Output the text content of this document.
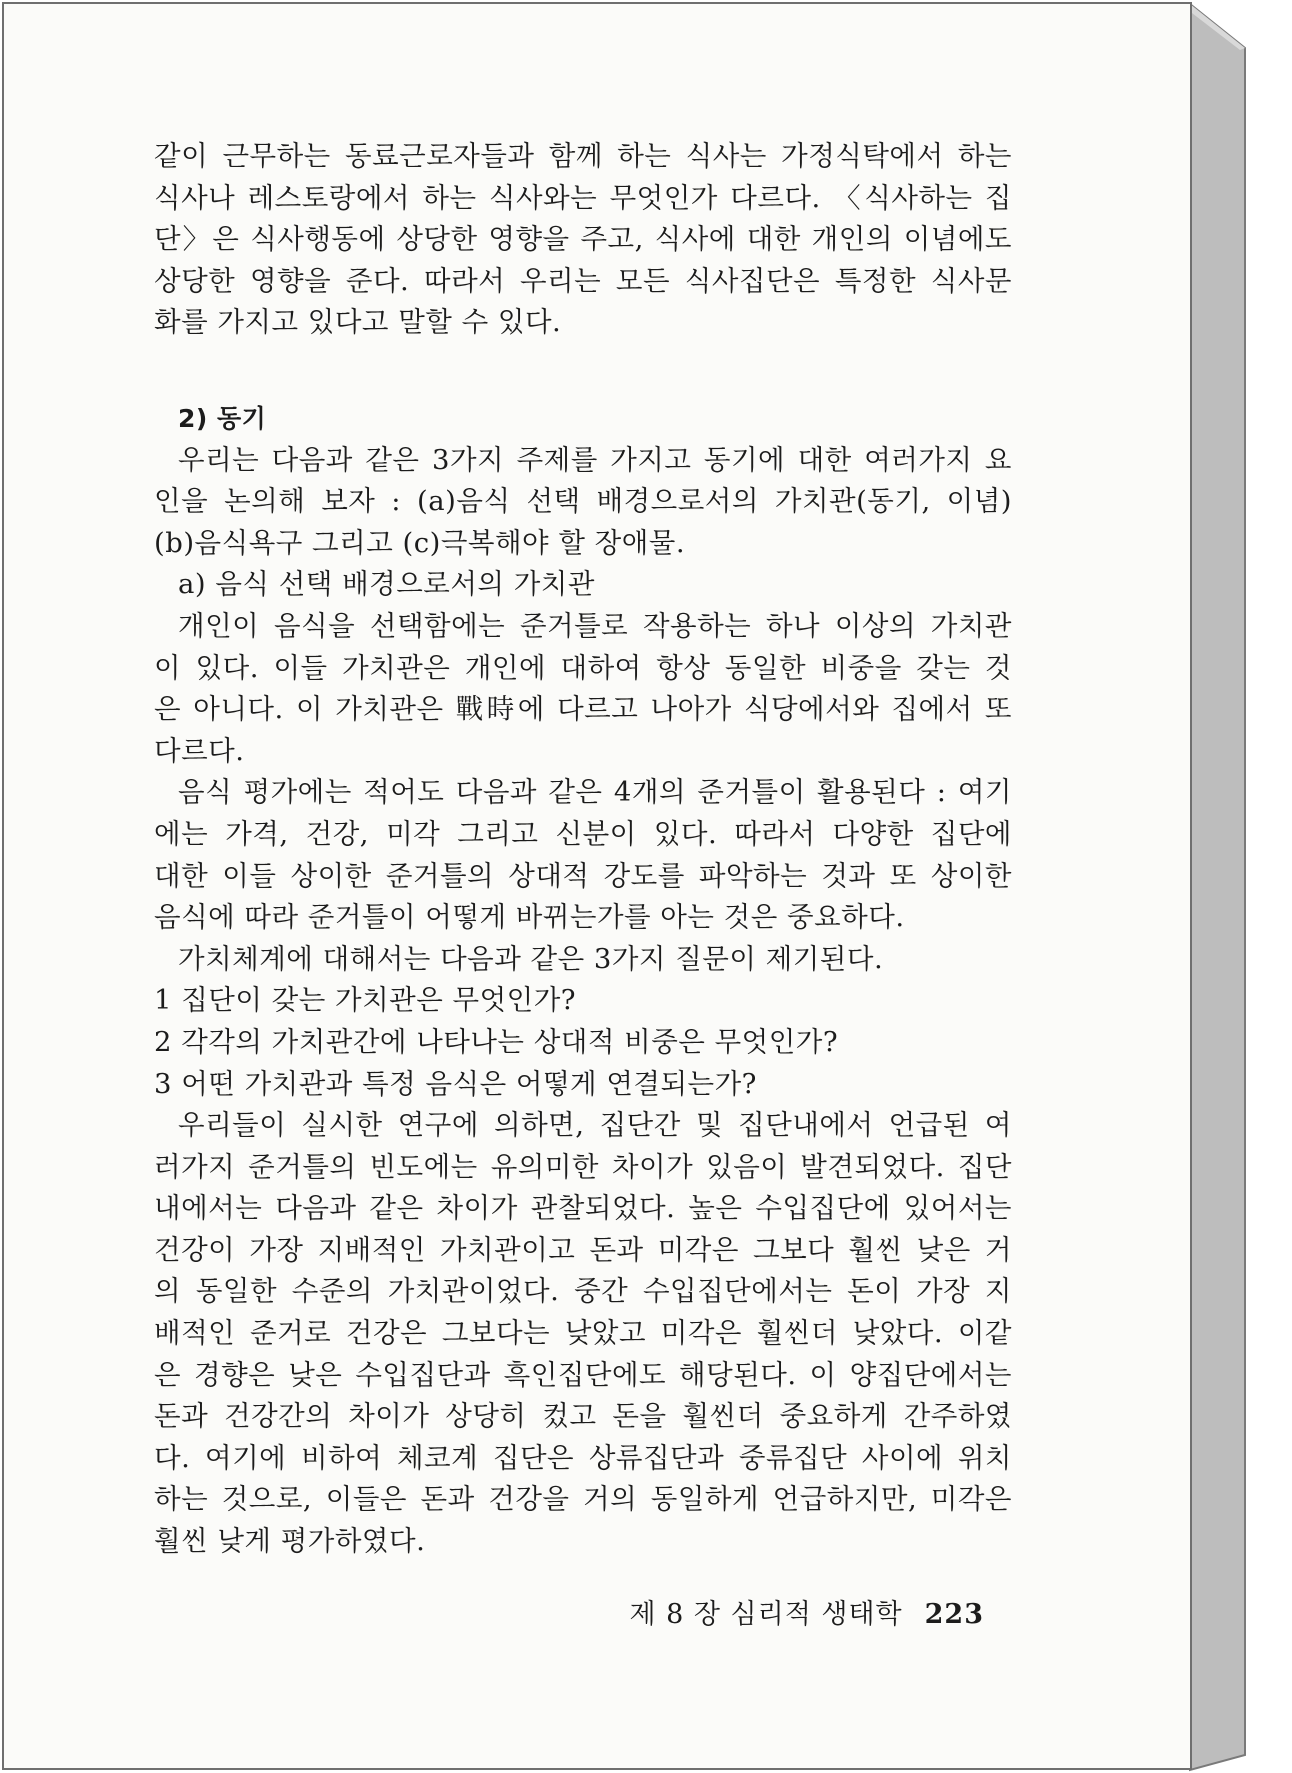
같이 근무하는 동료근로자들과 함께 하는 식사는 가정식탁에서 하는
식사나 레스토랑에서 하는 식사와는 무엇인가 다르다. 〈식사하는 집
단〉은 식사행동에 상당한 영향을 주고, 식사에 대한 개인의 이념에도
상당한 영향을 준다. 따라서 우리는 모든 식사집단은 특정한 식사문
화를 가지고 있다고 말할 수 있다.
2) 동기
우리는 다음과 같은 3가지 주제를 가지고 동기에 대한 여러가지 요
인을 논의해 보자 : (a)음식 선택 배경으로서의 가치관(동기, 이념)
(b)음식욕구 그리고 (c)극복해야 할 장애물.
a) 음식 선택 배경으로서의 가치관
개인이 음식을 선택함에는 준거틀로 작용하는 하나 이상의 가치관
이 있다. 이들 가치관은 개인에 대하여 항상 동일한 비중을 갖는 것
은 아니다. 이 가치관은 戰時에 다르고 나아가 식당에서와 집에서 또
다르다.
음식 평가에는 적어도 다음과 같은 4개의 준거틀이 활용된다 : 여기
에는 가격, 건강, 미각 그리고 신분이 있다. 따라서 다양한 집단에
대한 이들 상이한 준거틀의 상대적 강도를 파악하는 것과 또 상이한
음식에 따라 준거틀이 어떻게 바뀌는가를 아는 것은 중요하다.
가치체계에 대해서는 다음과 같은 3가지 질문이 제기된다.
1 집단이 갖는 가치관은 무엇인가?
2 각각의 가치관간에 나타나는 상대적 비중은 무엇인가?
3 어떤 가치관과 특정 음식은 어떻게 연결되는가?
우리들이 실시한 연구에 의하면, 집단간 및 집단내에서 언급된 여
러가지 준거틀의 빈도에는 유의미한 차이가 있음이 발견되었다. 집단
내에서는 다음과 같은 차이가 관찰되었다. 높은 수입집단에 있어서는
건강이 가장 지배적인 가치관이고 돈과 미각은 그보다 훨씬 낮은 거
의 동일한 수준의 가치관이었다. 중간 수입집단에서는 돈이 가장 지
배적인 준거로 건강은 그보다는 낮았고 미각은 훨씬더 낮았다. 이같
은 경향은 낮은 수입집단과 흑인집단에도 해당된다. 이 양집단에서는
돈과 건강간의 차이가 상당히 컸고 돈을 훨씬더 중요하게 간주하였
다. 여기에 비하여 체코계 집단은 상류집단과 중류집단 사이에 위치
하는 것으로, 이들은 돈과 건강을 거의 동일하게 언급하지만, 미각은
훨씬 낮게 평가하였다.
제 8 장 심리적 생태학 223
